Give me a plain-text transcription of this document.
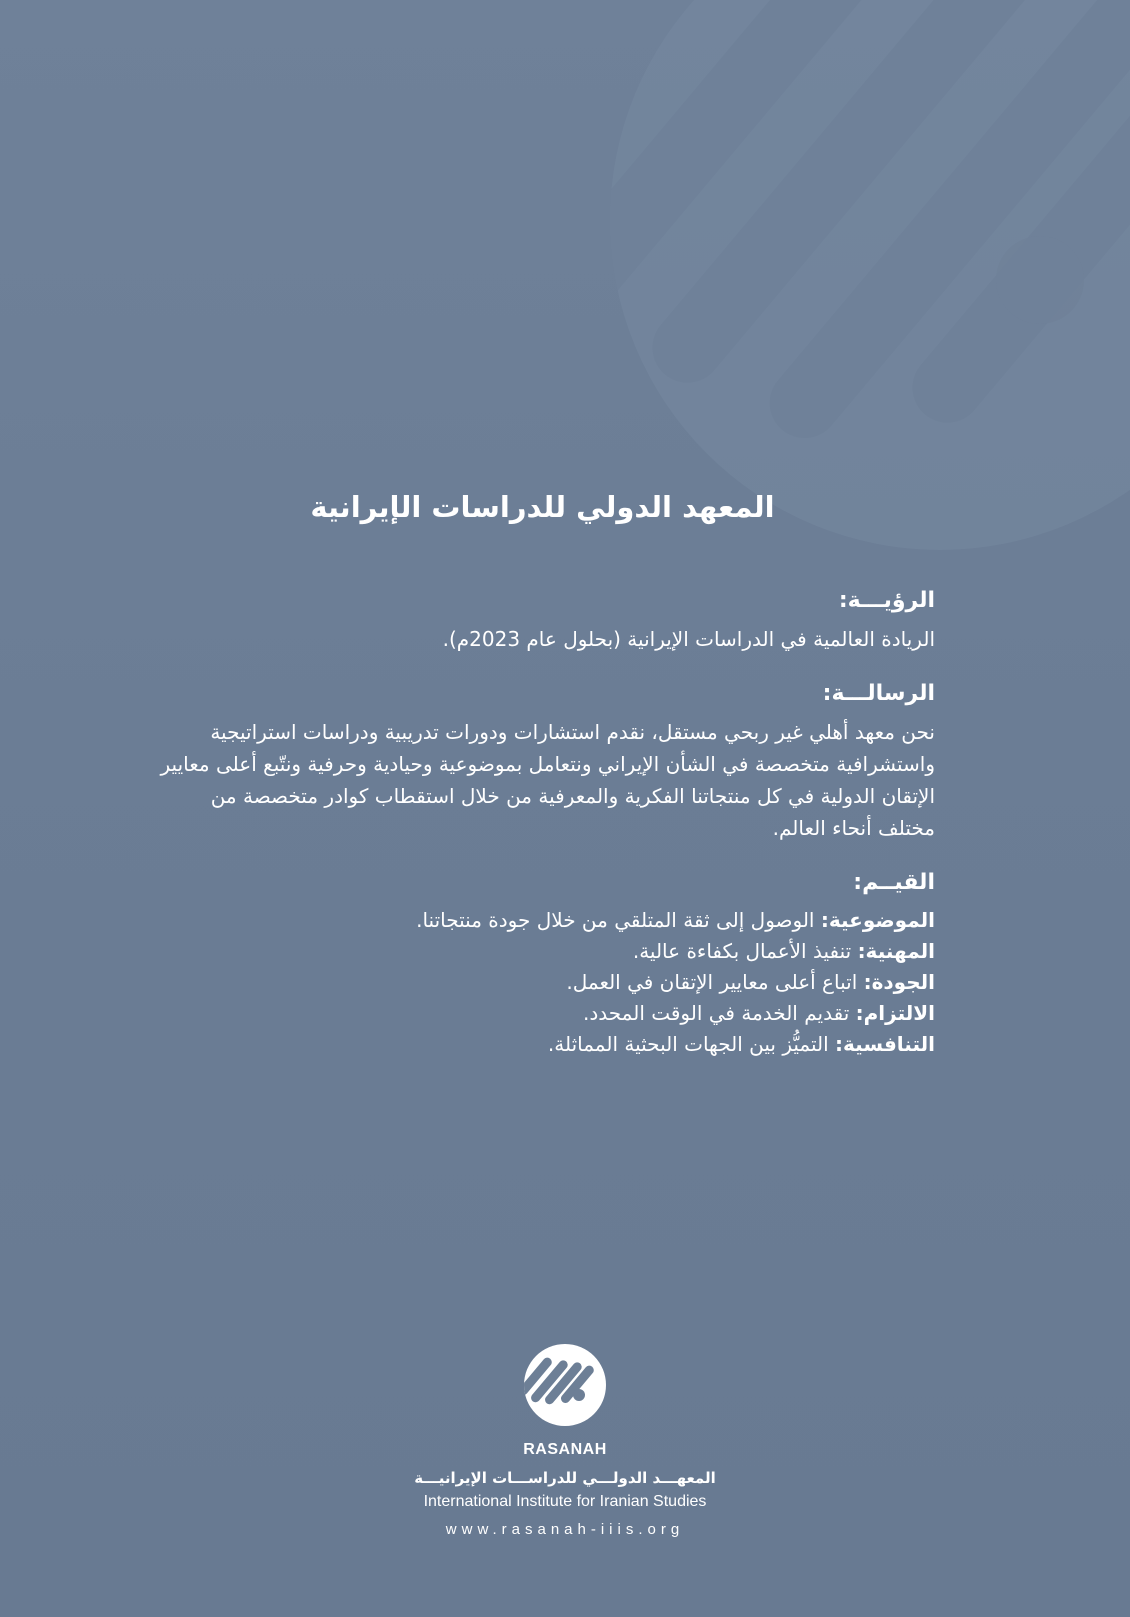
المعهد الدولي للدراسات الإيرانية
الرؤيـــة:

الريادة العالمية في الدراسات الإيرانية (بحلول عام 2023م).

الرسالـــة:

نحن معهد أهلي غير ربحي مستقل، نقدم استشارات ودورات تدريبية ودراسات استراتيجية واستشرافية متخصصة في الشأن الإيراني ونتعامل بموضوعية وحيادية وحرفية ونتّبع أعلى معايير الإتقان الدولية في كل منتجاتنا الفكرية والمعرفية من خلال استقطاب كوادر متخصصة من مختلف أنحاء العالم.

القيــم:
الموضوعية: الوصول إلى ثقة المتلقي من خلال جودة منتجاتنا.
المهنية: تنفيذ الأعمال بكفاءة عالية.
الجودة: اتباع أعلى معايير الإتقان في العمل.
الالتزام: تقديم الخدمة في الوقت المحدد.
التنافسية: التميُّز بين الجهات البحثية المماثلة.
RASANAH
المعهـــد الدولـــي للدراســـات الإيرانيـــة
International Institute for Iranian Studies
www.rasanah-iiis.org
